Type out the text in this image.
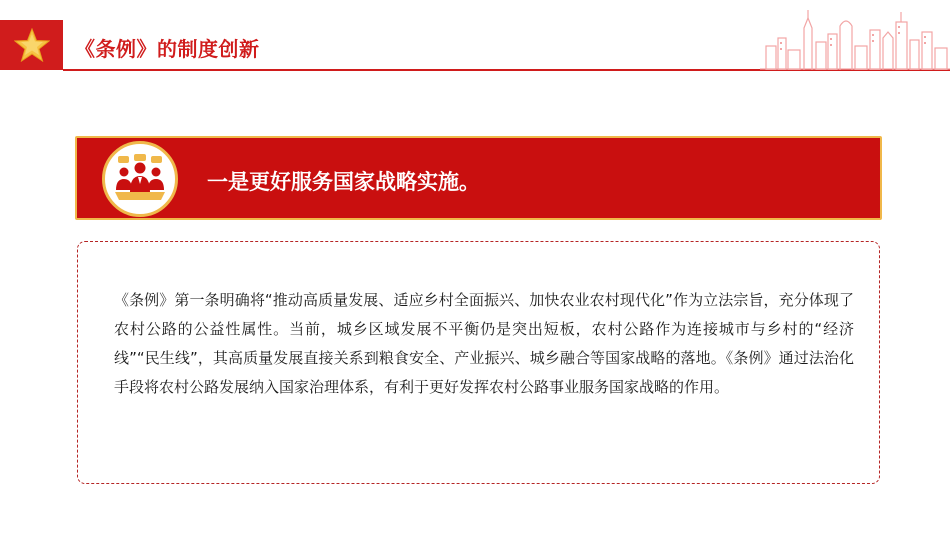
《条例》的制度创新
一是更好服务国家战略实施。

《条例》第一条明确将“推动高质量发展、适应乡村全面振兴、加快农业农村现代化”作为立法宗旨，充分体现了农村公路的公益性属性。当前，城乡区域发展不平衡仍是突出短板，农村公路作为连接城市与乡村的“经济线”“民生线”，其高质量发展直接关系到粮食安全、产业振兴、城乡融合等国家战略的落地。《条例》通过法治化手段将农村公路发展纳入国家治理体系，有利于更好发挥农村公路事业服务国家战略的作用。
